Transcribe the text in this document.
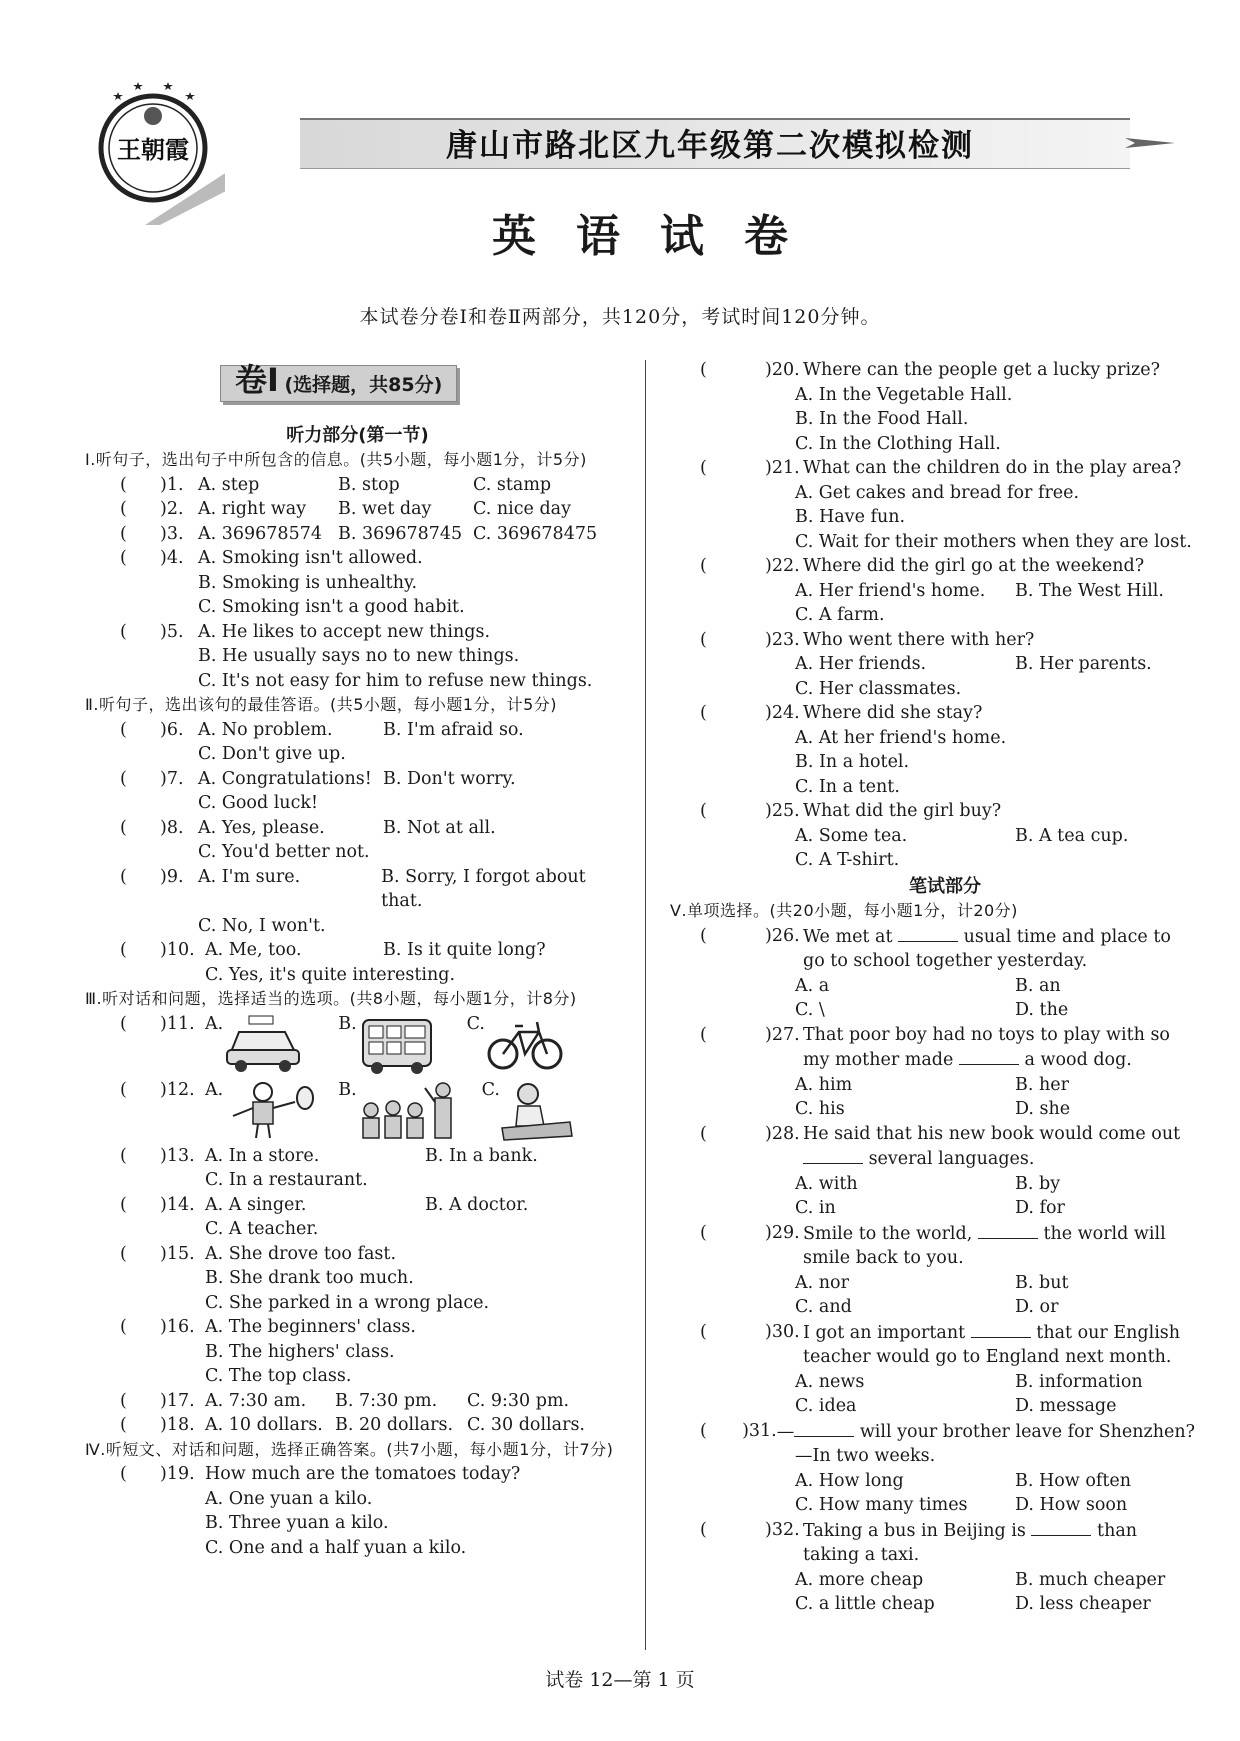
王朝霞	唐山市路北区九年级第二次模拟检测
英语试卷
本试卷分卷Ⅰ和卷Ⅱ两部分，共120分，考试时间120分钟。
卷Ⅰ (选择题，共85分)
听力部分(第一节)
Ⅰ.听句子，选出句子中所包含的信息。(共5小题，每小题1分，计5分)
(	)1. A. step	B. stop	C. stamp
(	)2. A. right way	B. wet day	C. nice day
(	)3. A. 369678574 B. 369678745 C. 369678475
(	)4. A. Smoking isn't allowed.
B. Smoking is unhealthy.
C. Smoking isn't a good habit.
(	)5. A. He likes to accept new things.
B. He usually says no to new things.
C. It's not easy for him to refuse new things.
Ⅱ.听句子，选出该句的最佳答语。(共5小题，每小题1分，计5分)
(	)6. A. No problem.	B. I'm afraid so.
C. Don't give up.
(	)7. A. Congratulations! B. Don't worry.
C. Good luck!
(	)8. A. Yes, please.	B. Not at all.
C. You'd better not.
(	)9. A. I'm sure.	B. Sorry, I forgot about that.
C. No, I won't.
(	)10. A. Me, too.	B. Is it quite long?
C. Yes, it's quite interesting.
Ⅲ.听对话和问题，选择适当的选项。(共8小题，每小题1分，计8分)
(	)11. A.	B.	C.
(	)12. A.	B.	C.
(	)13. A. In a store.	B. In a bank.
C. In a restaurant.
(	)14. A. A singer.	B. A doctor.
C. A teacher.
(	)15. A. She drove too fast.
B. She drank too much.
C. She parked in a wrong place.
(	)16. A. The beginners' class.
B. The highers' class.
C. The top class.
(	)17. A. 7:30 am.	B. 7:30 pm.	C. 9:30 pm.
(	)18. A. 10 dollars. B. 20 dollars. C. 30 dollars.
Ⅳ.听短文、对话和问题，选择正确答案。(共7小题，每小题1分，计7分)
(	)19. How much are the tomatoes today?
A. One yuan a kilo.
B. Three yuan a kilo.
C. One and a half yuan a kilo.
(	)20. Where can the people get a lucky prize?
A. In the Vegetable Hall.
B. In the Food Hall.
C. In the Clothing Hall.
(	)21. What can the children do in the play area?
A. Get cakes and bread for free.
B. Have fun.
C. Wait for their mothers when they are lost.
(	)22. Where did the girl go at the weekend?
A. Her friend's home.	B. The West Hill.
C. A farm.
(	)23. Who went there with her?
A. Her friends.	B. Her parents.
C. Her classmates.
(	)24. Where did she stay?
A. At her friend's home.
B. In a hotel.
C. In a tent.
(	)25. What did the girl buy?
A. Some tea.	B. A tea cup.
C. A T-shirt.
笔试部分
Ⅴ.单项选择。(共20小题，每小题1分，计20分)
(	)26. We met at	usual time and place to go to school together yesterday.
A. a	B. an
C. \	D. the
(	)27. That poor boy had no toys to play with so my mother made	a wood dog.
A. him	B. her
C. his	D. she
(	)28. He said that his new book would come out  several languages.
A. with	B. by
C. in	D. for
(	)29. Smile to the world,	the world will smile back to you.
A. nor	B. but
C. and	D. or
(	)30. I got an important	that our English teacher would go to England next month.
A. news	B. information
C. idea	D. message
(	)31. —	will your brother leave for Shenzhen?
—In two weeks.
A. How long	B. How often
C. How many times	D. How soon
(	)32. Taking a bus in Beijing is	than taking a taxi.
A. more cheap	B. much cheaper
C. a little cheap	D. less cheaper
试卷 12—第 1 页
